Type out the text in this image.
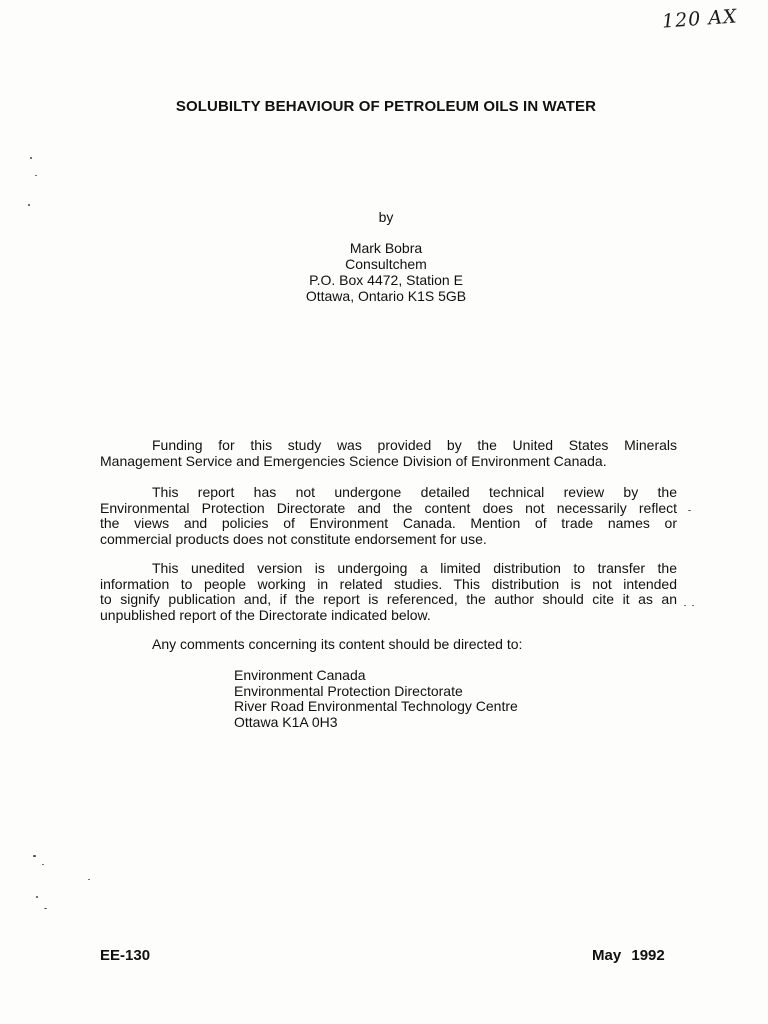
120 AX
SOLUBILTY BEHAVIOUR OF PETROLEUM OILS IN WATER
by
Mark Bobra
Consultchem
P.O. Box 4472, Station E
Ottawa, Ontario K1S 5GB
Funding for this study was provided by the United States Minerals
Management Service and Emergencies Science Division of Environment Canada.
This report has not undergone detailed technical review by the
Environmental Protection Directorate and the content does not necessarily reflect
the views and policies of Environment Canada. Mention of trade names or
commercial products does not constitute endorsement for use.
This unedited version is undergoing a limited distribution to transfer the
information to people working in related studies. This distribution is not intended
to signify publication and, if the report is referenced, the author should cite it as an
unpublished report of the Directorate indicated below.
Any comments concerning its content should be directed to:
Environment Canada
Environmental Protection Directorate
River Road Environmental Technology Centre
Ottawa K1A 0H3
EE-130	May 1992
